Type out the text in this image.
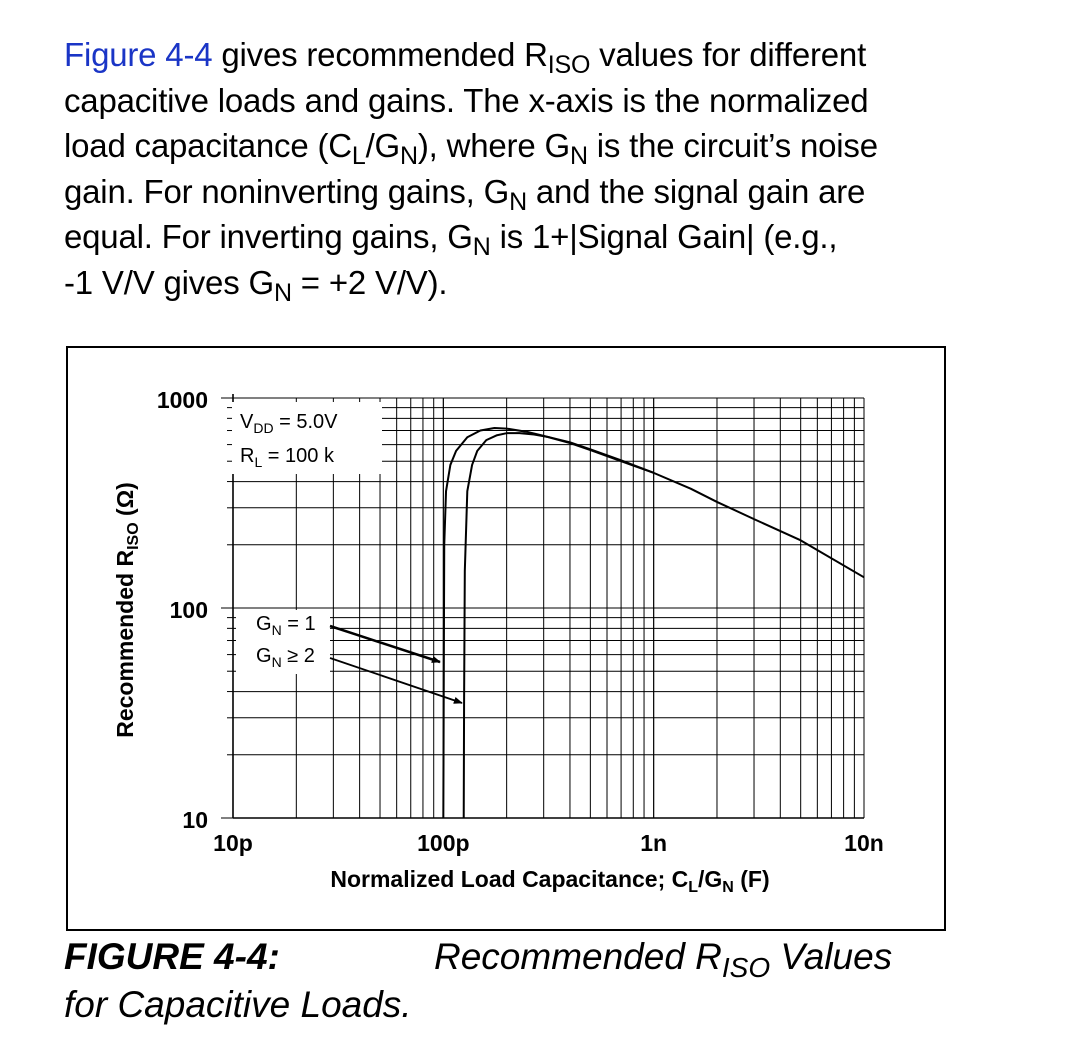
Figure 4-4 gives recommended $R_{ISO}$ values for different
capacitive loads and gains. The x-axis is the normalized
load capacitance $(C_L/G_N)$, where $G_N$ is the circuit’s noise
gain. For noninverting gains, $G_N$ and the signal gain are
equal. For inverting gains, $G_N$ is 1+|Signal Gain| (e.g.,
-1 V/V gives $G_N = +2$ V/V).
10p	100p	1n	10n
10
100
1000
$V_{DD} = 5.0V$
$R_L = 100$ k
$G_N = 1$
$G_N \ge 2$
Normalized Load Capacitance; $C_L/G_N$ (F)
Recommended $R_{ISO}$ (Ω)
FIGURE 4-4:	Recommended $R_{ISO}$ Values
for Capacitive Loads.
